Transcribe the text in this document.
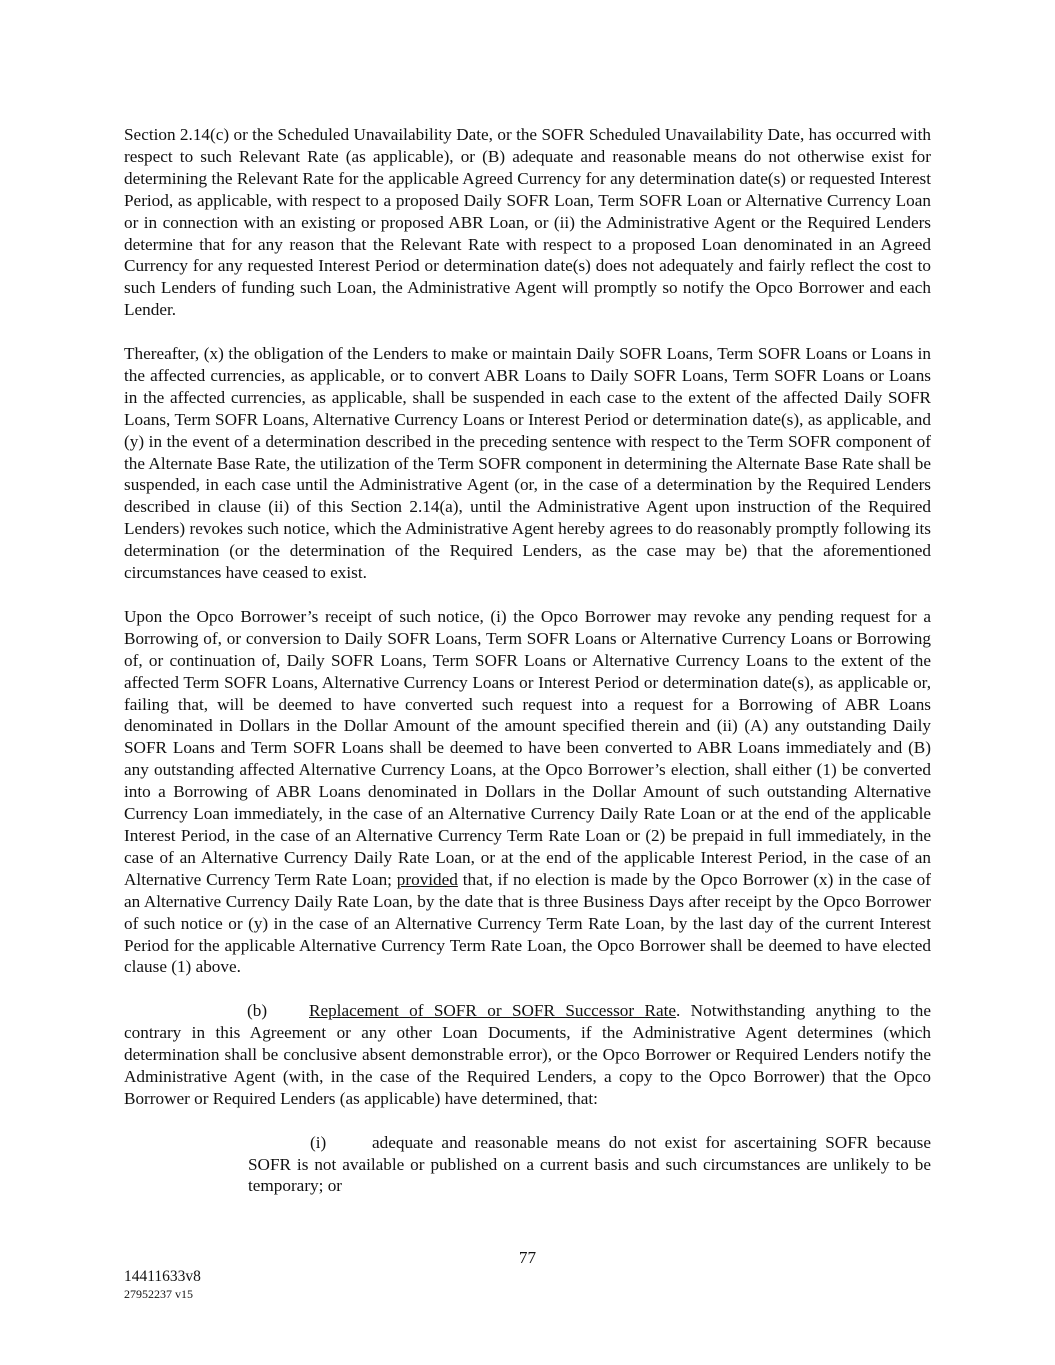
Section 2.14(c) or the Scheduled Unavailability Date, or the SOFR Scheduled Unavailability Date, has occurred with respect to such Relevant Rate (as applicable), or (B) adequate and reasonable means do not otherwise exist for determining the Relevant Rate for the applicable Agreed Currency for any determination date(s) or requested Interest Period, as applicable, with respect to a proposed Daily SOFR Loan, Term SOFR Loan or Alternative Currency Loan or in connection with an existing or proposed ABR Loan, or (ii) the Administrative Agent or the Required Lenders determine that for any reason that the Relevant Rate with respect to a proposed Loan denominated in an Agreed Currency for any requested Interest Period or determination date(s) does not adequately and fairly reflect the cost to such Lenders of funding such Loan, the Administrative Agent will promptly so notify the Opco Borrower and each Lender.

Thereafter, (x) the obligation of the Lenders to make or maintain Daily SOFR Loans, Term SOFR Loans or Loans in the affected currencies, as applicable, or to convert ABR Loans to Daily SOFR Loans, Term SOFR Loans or Loans in the affected currencies, as applicable, shall be suspended in each case to the extent of the affected Daily SOFR Loans, Term SOFR Loans, Alternative Currency Loans or Interest Period or determination date(s), as applicable, and (y) in the event of a determination described in the preceding sentence with respect to the Term SOFR component of the Alternate Base Rate, the utilization of the Term SOFR component in determining the Alternate Base Rate shall be suspended, in each case until the Administrative Agent (or, in the case of a determination by the Required Lenders described in clause (ii) of this Section 2.14(a), until the Administrative Agent upon instruction of the Required Lenders) revokes such notice, which the Administrative Agent hereby agrees to do reasonably promptly following its determination (or the determination of the Required Lenders, as the case may be) that the aforementioned circumstances have ceased to exist.

Upon the Opco Borrower’s receipt of such notice, (i) the Opco Borrower may revoke any pending request for a Borrowing of, or conversion to Daily SOFR Loans, Term SOFR Loans or Alternative Currency Loans or Borrowing of, or continuation of, Daily SOFR Loans, Term SOFR Loans or Alternative Currency Loans to the extent of the affected Term SOFR Loans, Alternative Currency Loans or Interest Period or determination date(s), as applicable or, failing that, will be deemed to have converted such request into a request for a Borrowing of ABR Loans denominated in Dollars in the Dollar Amount of the amount specified therein and (ii) (A) any outstanding Daily SOFR Loans and Term SOFR Loans shall be deemed to have been converted to ABR Loans immediately and (B) any outstanding affected Alternative Currency Loans, at the Opco Borrower’s election, shall either (1) be converted into a Borrowing of ABR Loans denominated in Dollars in the Dollar Amount of such outstanding Alternative Currency Loan immediately, in the case of an Alternative Currency Daily Rate Loan or at the end of the applicable Interest Period, in the case of an Alternative Currency Term Rate Loan or (2) be prepaid in full immediately, in the case of an Alternative Currency Daily Rate Loan, or at the end of the applicable Interest Period, in the case of an Alternative Currency Term Rate Loan; provided that, if no election is made by the Opco Borrower (x) in the case of an Alternative Currency Daily Rate Loan, by the date that is three Business Days after receipt by the Opco Borrower of such notice or (y) in the case of an Alternative Currency Term Rate Loan, by the last day of the current Interest Period for the applicable Alternative Currency Term Rate Loan, the Opco Borrower shall be deemed to have elected clause (1) above.

(b) Replacement of SOFR or SOFR Successor Rate. Notwithstanding anything to the contrary in this Agreement or any other Loan Documents, if the Administrative Agent determines (which determination shall be conclusive absent demonstrable error), or the Opco Borrower or Required Lenders notify the Administrative Agent (with, in the case of the Required Lenders, a copy to the Opco Borrower) that the Opco Borrower or Required Lenders (as applicable) have determined, that:

(i)	adequate and reasonable means do not exist for ascertaining SOFR because SOFR is not available or published on a current basis and such circumstances are unlikely to be temporary; or

77
14411633v8
27952237 v15
